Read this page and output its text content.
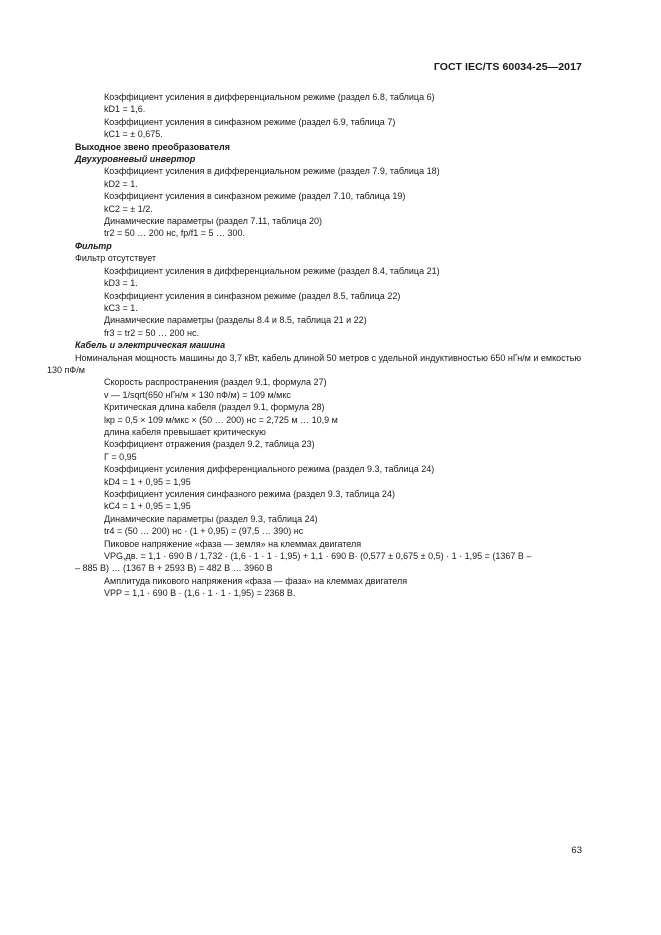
ГОСТ IEC/TS 60034-25—2017
Коэффициент усиления в дифференциальном режиме (раздел 6.8, таблица 6)
kD1 = 1,6.
Коэффициент усиления в синфазном режиме (раздел 6.9, таблица 7)
kC1 = ± 0,675.
Выходное звено преобразователя
Двухуровневый инвертор
Коэффициент усиления в дифференциальном режиме (раздел 7.9, таблица 18)
kD2 = 1.
Коэффициент усиления в синфазном режиме (раздел 7.10, таблица 19)
kC2 = ± 1/2.
Динамические параметры (раздел 7.11, таблица 20)
tr2 = 50 … 200 нс, fp/f1 = 5 … 300.
Фильтр
Фильтр отсутствует
Коэффициент усиления в дифференциальном режиме (раздел 8.4, таблица 21)
kD3 = 1.
Коэффициент усиления в синфазном режиме (раздел 8.5, таблица 22)
kC3 = 1.
Динамические параметры (разделы 8.4 и 8.5, таблица 21 и 22)
fr3 = tr2 = 50 … 200 нс.
Кабель и электрическая машина
Номинальная мощность машины до 3,7 кВт, кабель длиной 50 метров с удельной индуктивностью 650 нГн/м и емкостью 130 пФ/м
Скорость распространения (раздел 9.1, формула 27)
v — 1/sqrt(650 нГн/м × 130 пФ/м) = 109 м/мкс
Критическая длина кабеля (раздел 9.1, формула 28)
lкр = 0,5 × 109 м/мкс × (50 … 200) нс = 2,725 м … 10,9 м
длина кабеля превышает критическую
Коэффициент отражения (раздел 9.2, таблица 23)
Г = 0,95
Коэффициент усиления дифференциального режима (раздел 9.3, таблица 24)
kD4 = 1 + 0,95 = 1,95
Коэффициент усиления синфазного режима (раздел 9.3, таблица 24)
kC4 = 1 + 0,95 = 1,95
Динамические параметры (раздел 9.3, таблица 24)
tr4 = (50 … 200) нс · (1 + 0,95) = (97,5 … 390) нс
Пиковое напряжение «фаза — земля» на клеммах двигателя
VPG,дв. = 1,1 · 690 В / 1,732 · (1,6 · 1 · 1 · 1,95) + 1,1 · 690 В· (0,577 ± 0,675 ± 0,5) · 1 · 1,95 = (1367 В –
– 885 В) … (1367 В + 2593 В) = 482 В … 3960 В
Амплитуда пикового напряжения «фаза — фаза» на клеммах двигателя
VPP = 1,1 · 690 В · (1,6 · 1 · 1 · 1,95) = 2368 В.
63
